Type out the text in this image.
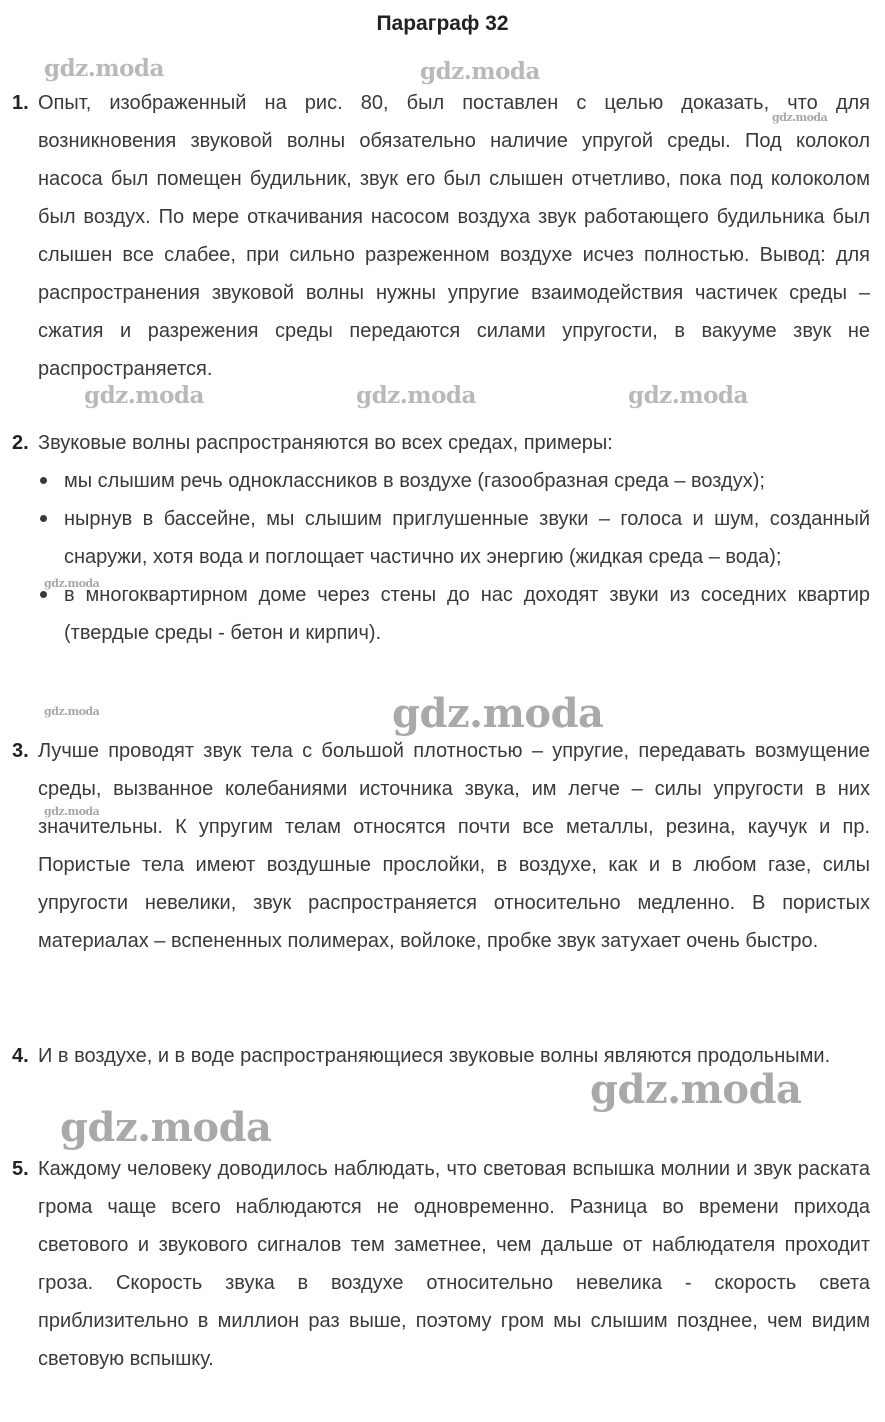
Параграф 32
1. Опыт, изображенный на рис. 80, был поставлен с целью доказать, что для возникновения звуковой волны обязательно наличие упругой среды. Под колокол насоса был помещен будильник, звук его был слышен отчетливо, пока под колоколом был воздух. По мере откачивания насосом воздуха звук работающего будильника был слышен все слабее, при сильно разреженном воздухе исчез полностью. Вывод: для распространения звуковой волны нужны упругие взаимодействия частичек среды – сжатия и разрежения среды передаются силами упругости, в вакууме звук не распространяется.
2. Звуковые волны распространяются во всех средах, примеры:
мы слышим речь одноклассников в воздухе (газообразная среда – воздух);
нырнув в бассейне, мы слышим приглушенные звуки – голоса и шум, созданный снаружи, хотя вода и поглощает частично их энергию (жидкая среда – вода);
в многоквартирном доме через стены до нас доходят звуки из соседних квартир (твердые среды - бетон и кирпич).
3. Лучше проводят звук тела с большой плотностью – упругие, передавать возмущение среды, вызванное колебаниями источника звука, им легче – силы упругости в них значительны. К упругим телам относятся почти все металлы, резина, каучук и пр. Пористые тела имеют воздушные прослойки, в воздухе, как и в любом газе, силы упругости невелики, звук распространяется относительно медленно. В пористых материалах – вспененных полимерах, войлоке, пробке звук затухает очень быстро.
4. И в воздухе, и в воде распространяющиеся звуковые волны являются продольными.
5. Каждому человеку доводилось наблюдать, что световая вспышка молнии и звук раската грома чаще всего наблюдаются не одновременно. Разница во времени прихода светового и звукового сигналов тем заметнее, чем дальше от наблюдателя проходит гроза. Скорость звука в воздухе относительно невелика - скорость света приблизительно в миллион раз выше, поэтому гром мы слышим позднее, чем видим световую вспышку.
gdz.moda	gdz.moda
gdz.moda
gdz.moda	gdz.moda	gdz.moda
gdz.moda
gdz.moda	gdz.moda
gdz.moda
gdz.moda
gdz.moda
